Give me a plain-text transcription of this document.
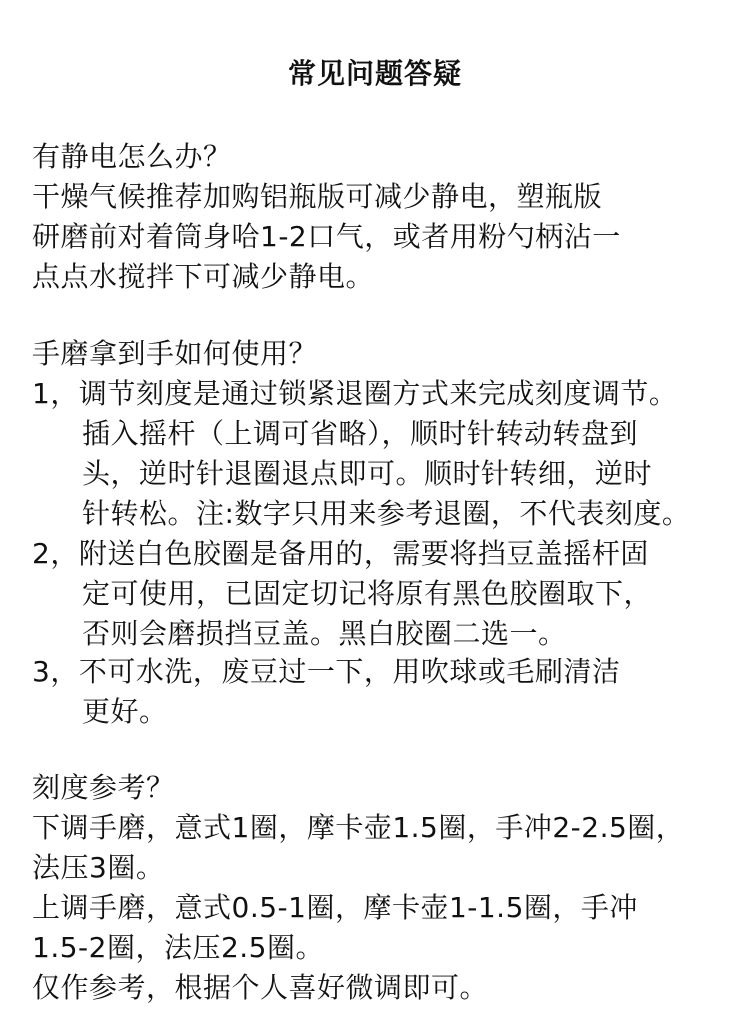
常见问题答疑
有静电怎么办？
干燥气候推荐加购铝瓶版可减少静电，塑瓶版
研磨前对着筒身哈1-2口气，或者用粉勺柄沾一
点点水搅拌下可减少静电。
手磨拿到手如何使用？
1，调节刻度是通过锁紧退圈方式来完成刻度调节。
插入摇杆（上调可省略），顺时针转动转盘到
头，逆时针退圈退点即可。顺时针转细，逆时
针转松。注:数字只用来参考退圈，不代表刻度。
2，附送白色胶圈是备用的，需要将挡豆盖摇杆固
定可使用，已固定切记将原有黑色胶圈取下，
否则会磨损挡豆盖。黑白胶圈二选一。
3，不可水洗，废豆过一下，用吹球或毛刷清洁
更好。
刻度参考？
下调手磨，意式1圈，摩卡壶1.5圈，手冲2-2.5圈，
法压3圈。
上调手磨，意式0.5-1圈，摩卡壶1-1.5圈，手冲
1.5-2圈，法压2.5圈。
仅作参考，根据个人喜好微调即可。
